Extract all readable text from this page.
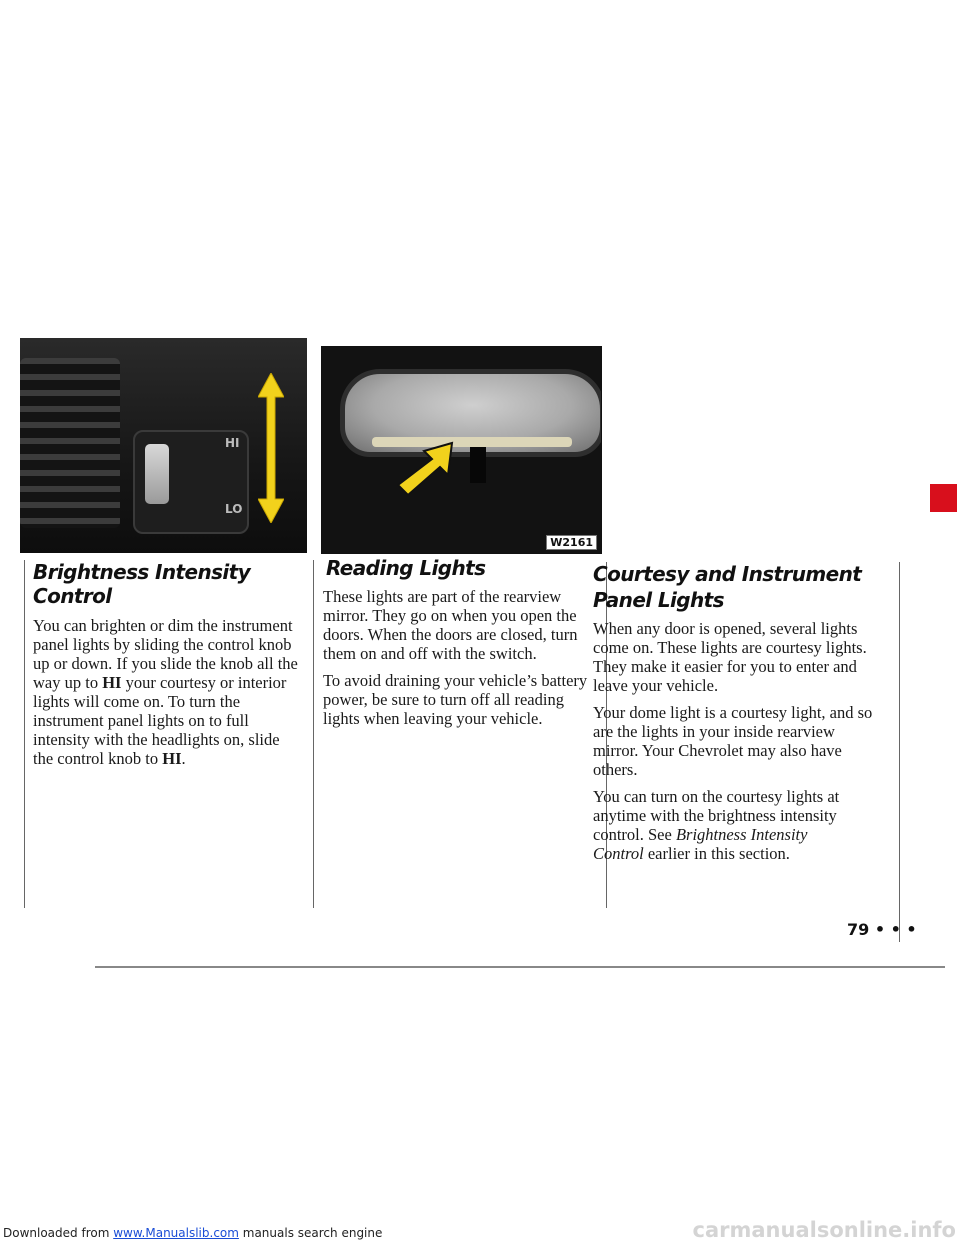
HI
LO
W2161
Brightness Intensity Control

You can brighten or dim the instrument panel lights by sliding the control knob up or down. If you slide the knob all the way up to HI your courtesy or interior lights will come on. To turn the instrument panel lights on to full intensity with the headlights on, slide the control knob to HI.

Reading Lights

These lights are part of the rearview mirror. They go on when you open the doors. When the doors are closed, turn them on and off with the switch.

To avoid draining your vehicle’s battery power, be sure to turn off all reading lights when leaving your vehicle.

Courtesy and Instrument Panel Lights

When any door is opened, several lights come on. These lights are courtesy lights. They make it easier for you to enter and leave your vehicle.

Your dome light is a courtesy light, and so are the lights in your inside rearview mirror. Your Chevrolet may also have others.

You can turn on the courtesy lights at anytime with the brightness intensity control. See Brightness Intensity Control earlier in this section.

79 • • •
Downloaded from www.Manualslib.com manuals search engine	carmanualsonline.info
